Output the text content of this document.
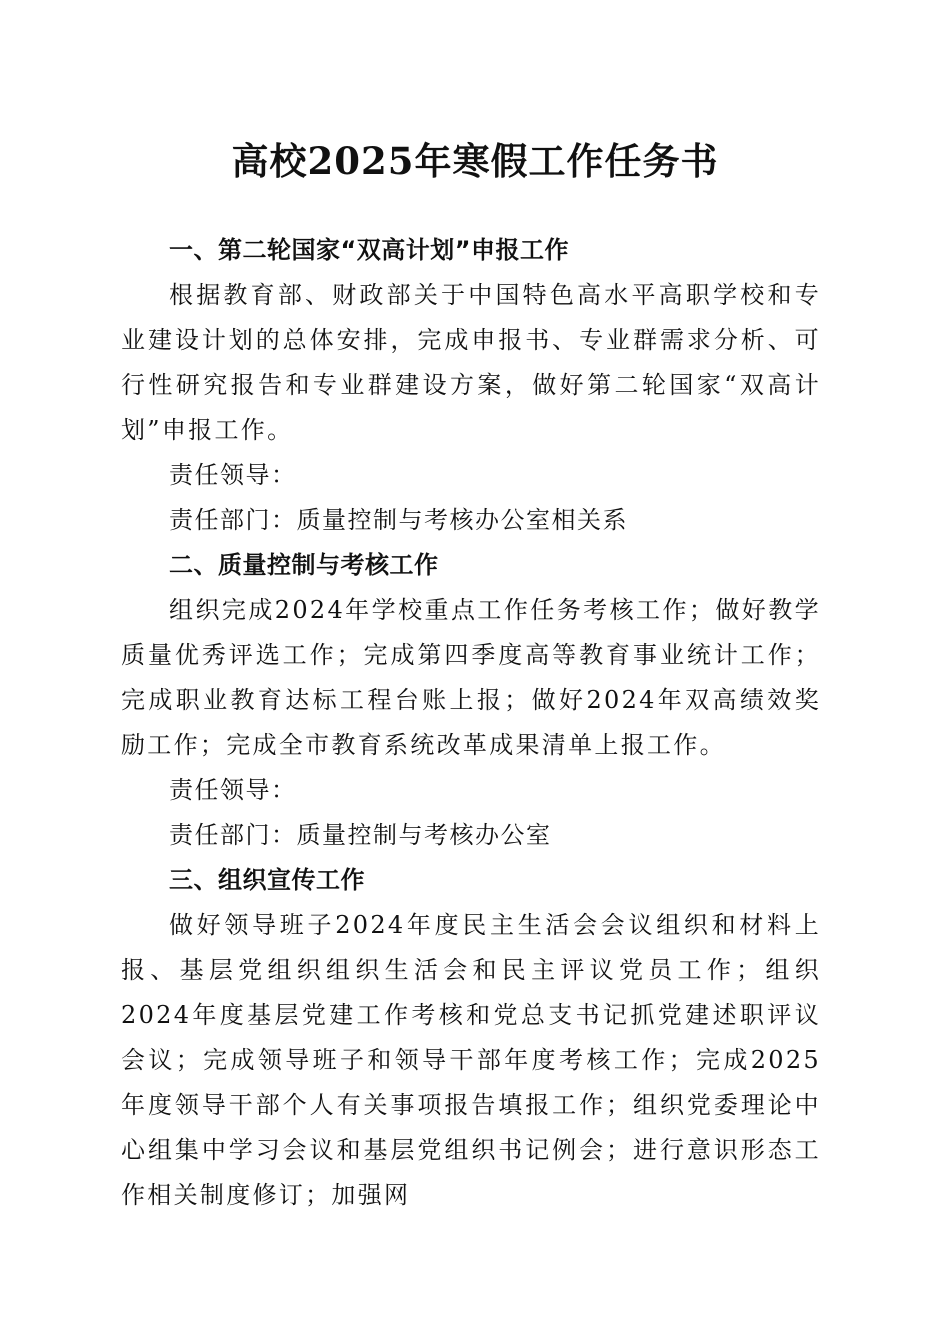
高校2025年寒假工作任务书

一、第二轮国家“双高计划”申报工作

根据教育部、财政部关于中国特色高水平高职学校和专业建设计划的总体安排，完成申报书、专业群需求分析、可行性研究报告和专业群建设方案，做好第二轮国家“双高计划”申报工作。

责任领导：

责任部门：质量控制与考核办公室相关系

二、质量控制与考核工作

组织完成2024年学校重点工作任务考核工作；做好教学质量优秀评选工作；完成第四季度高等教育事业统计工作；完成职业教育达标工程台账上报；做好2024年双高绩效奖励工作；完成全市教育系统改革成果清单上报工作。

责任领导：

责任部门：质量控制与考核办公室

三、组织宣传工作

做好领导班子2024年度民主生活会会议组织和材料上报、基层党组织组织生活会和民主评议党员工作；组织2024年度基层党建工作考核和党总支书记抓党建述职评议会议；完成领导班子和领导干部年度考核工作；完成2025年度领导干部个人有关事项报告填报工作；组织党委理论中心组集中学习会议和基层党组织书记例会；进行意识形态工作相关制度修订；加强网
